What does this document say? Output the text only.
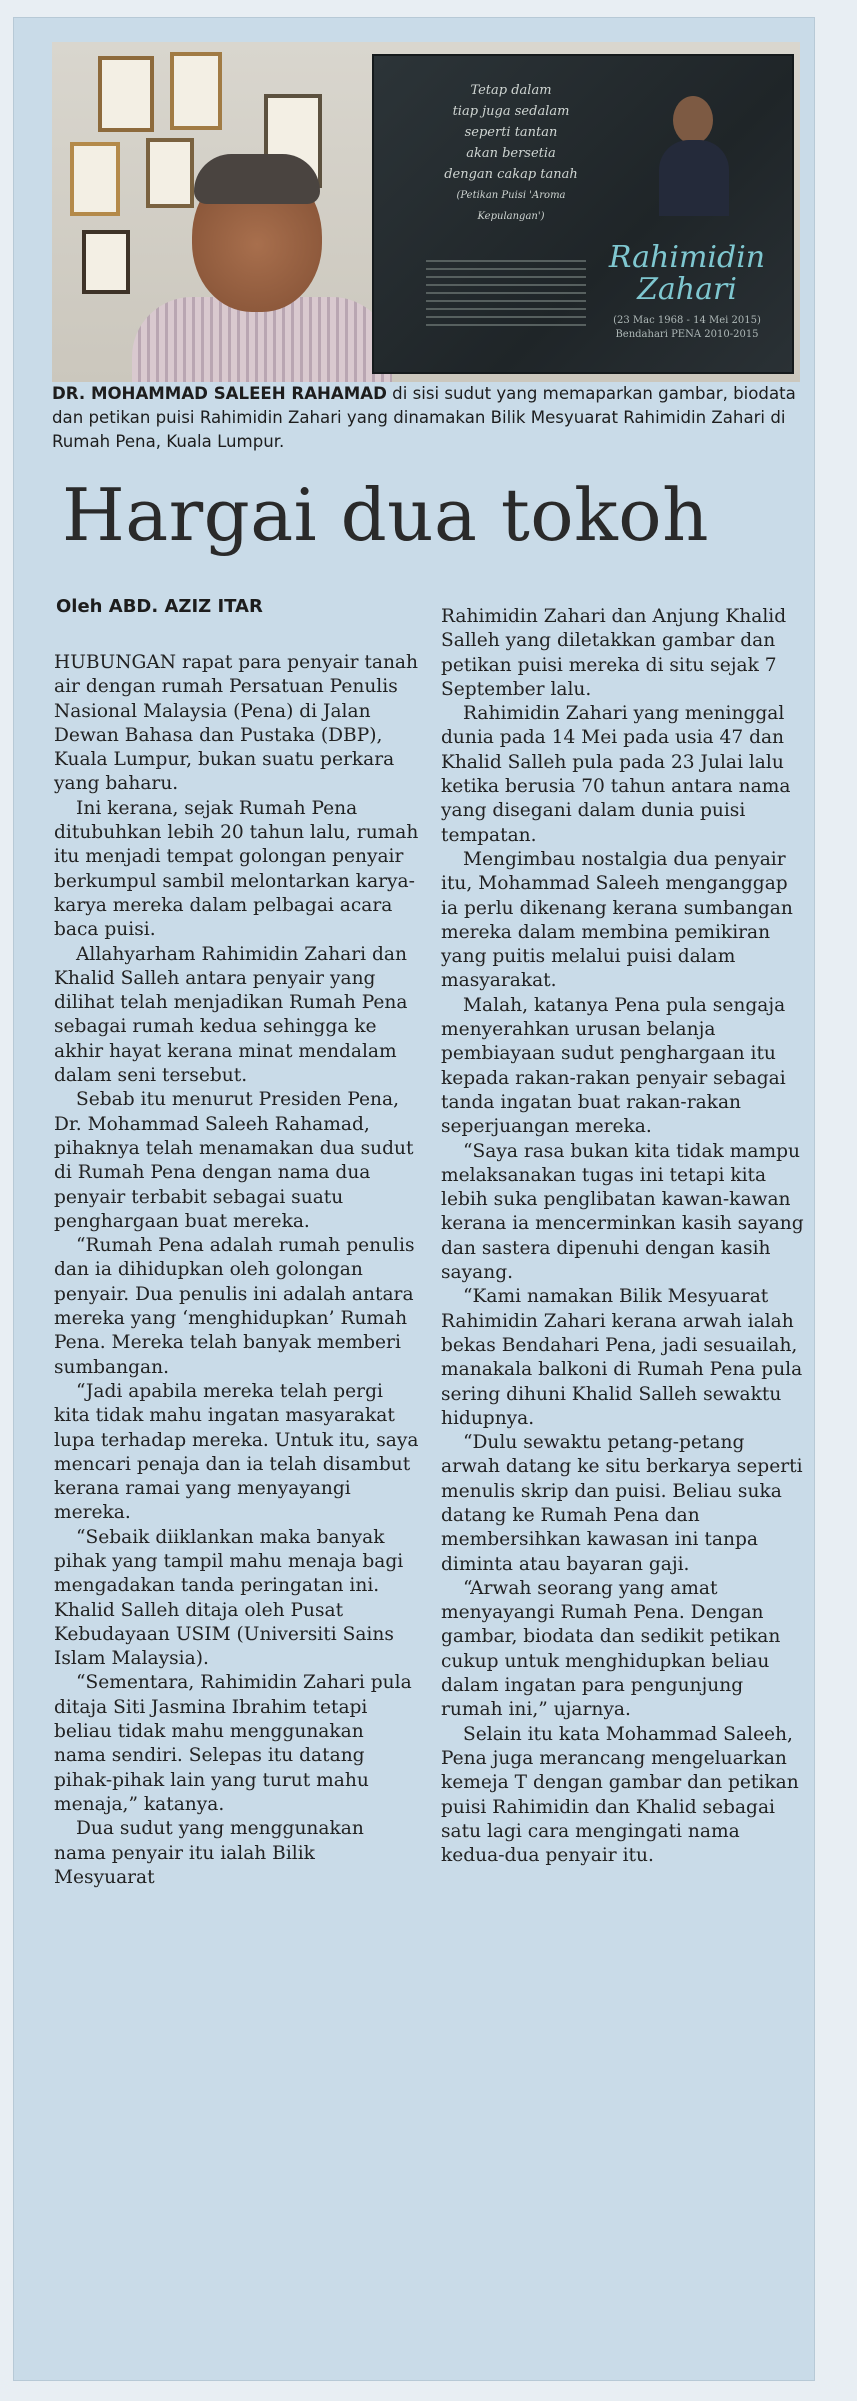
Tetap dalam
tiap juga sedalam
seperti tantan
akan bersetia
dengan cakap tanah
(Petikan Puisi 'Aroma Kepulangan')
Rahimidin
Zahari
(23 Mac 1968 - 14 Mei 2015)
Bendahari PENA 2010-2015

DR. MOHAMMAD SALEEH RAHAMAD di sisi sudut yang memaparkan gambar, biodata dan petikan puisi Rahimidin Zahari yang dinamakan Bilik Mesyuarat Rahimidin Zahari di Rumah Pena, Kuala Lumpur.

Hargai dua tokoh

Oleh ABD. AZIZ ITAR

HUBUNGAN rapat para penyair tanah air dengan rumah Persatuan Penulis Nasional Malaysia (Pena) di Jalan Dewan Bahasa dan Pustaka (DBP), Kuala Lumpur, bukan suatu perkara yang baharu.

Ini kerana, sejak Rumah Pena ditubuhkan lebih 20 tahun lalu, rumah itu menjadi tempat golongan penyair berkumpul sambil melontarkan karya-karya mereka dalam pelbagai acara baca puisi.

Allahyarham Rahimidin Zahari dan Khalid Salleh antara penyair yang dilihat telah menjadikan Rumah Pena sebagai rumah kedua sehingga ke akhir hayat kerana minat mendalam dalam seni tersebut.

Sebab itu menurut Presiden Pena, Dr. Mohammad Saleeh Rahamad, pihaknya telah menamakan dua sudut di Rumah Pena dengan nama dua penyair terbabit sebagai suatu penghargaan buat mereka.

“Rumah Pena adalah rumah penulis dan ia dihidupkan oleh golongan penyair. Dua penulis ini adalah antara mereka yang ‘menghidupkan’ Rumah Pena. Mereka telah banyak memberi sumbangan.

“Jadi apabila mereka telah pergi kita tidak mahu ingatan masyarakat lupa terhadap mereka. Untuk itu, saya mencari penaja dan ia telah disambut kerana ramai yang menyayangi mereka.

“Sebaik diiklankan maka banyak pihak yang tampil mahu menaja bagi mengadakan tanda peringatan ini. Khalid Salleh ditaja oleh Pusat Kebudayaan USIM (Universiti Sains Islam Malaysia).

“Sementara, Rahimidin Zahari pula ditaja Siti Jasmina Ibrahim tetapi beliau tidak mahu menggunakan nama sendiri. Selepas itu datang pihak-pihak lain yang turut mahu menaja,” katanya.

Dua sudut yang menggunakan nama penyair itu ialah Bilik Mesyuarat

Rahimidin Zahari dan Anjung Khalid Salleh yang diletakkan gambar dan petikan puisi mereka di situ sejak 7 September lalu.

Rahimidin Zahari yang meninggal dunia pada 14 Mei pada usia 47 dan Khalid Salleh pula pada 23 Julai lalu ketika berusia 70 tahun antara nama yang disegani dalam dunia puisi tempatan.

Mengimbau nostalgia dua penyair itu, Mohammad Saleeh menganggap ia perlu dikenang kerana sumbangan mereka dalam membina pemikiran yang puitis melalui puisi dalam masyarakat.

Malah, katanya Pena pula sengaja menyerahkan urusan belanja pembiayaan sudut penghargaan itu kepada rakan-rakan penyair sebagai tanda ingatan buat rakan-rakan seperjuangan mereka.

“Saya rasa bukan kita tidak mampu melaksanakan tugas ini tetapi kita lebih suka penglibatan kawan-kawan kerana ia mencerminkan kasih sayang dan sastera dipenuhi dengan kasih sayang.

“Kami namakan Bilik Mesyuarat Rahimidin Zahari kerana arwah ialah bekas Bendahari Pena, jadi sesuailah, manakala balkoni di Rumah Pena pula sering dihuni Khalid Salleh sewaktu hidupnya.

“Dulu sewaktu petang-petang arwah datang ke situ berkarya seperti menulis skrip dan puisi. Beliau suka datang ke Rumah Pena dan membersihkan kawasan ini tanpa diminta atau bayaran gaji.

“Arwah seorang yang amat menyayangi Rumah Pena. Dengan gambar, biodata dan sedikit petikan cukup untuk menghidupkan beliau dalam ingatan para pengunjung rumah ini,” ujarnya.

Selain itu kata Mohammad Saleeh, Pena juga merancang mengeluarkan kemeja T dengan gambar dan petikan puisi Rahimidin dan Khalid sebagai satu lagi cara mengingati nama kedua-dua penyair itu.
